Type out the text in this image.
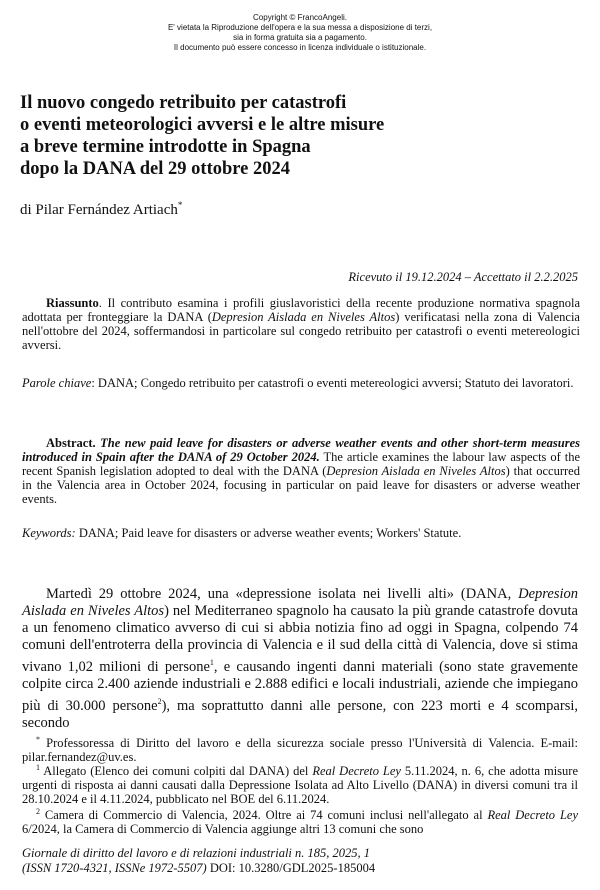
Copyright © FrancoAngeli.
E' vietata la Riproduzione dell'opera e la sua messa a disposizione di terzi,
sia in forma gratuita sia a pagamento.
Il documento può essere concesso in licenza individuale o istituzionale.
Il nuovo congedo retribuito per catastrofi
o eventi meteorologici avversi e le altre misure
a breve termine introdotte in Spagna
dopo la DANA del 29 ottobre 2024
di Pilar Fernández Artiach*
Ricevuto il 19.12.2024 – Accettato il 2.2.2025

Riassunto. Il contributo esamina i profili giuslavoristici della recente produzione normativa spagnola adottata per fronteggiare la DANA (Depresion Aislada en Niveles Altos) verificatasi nella zona di Valencia nell'ottobre del 2024, soffermandosi in particolare sul congedo retribuito per catastrofi o eventi metereologici avversi.

Parole chiave: DANA; Congedo retribuito per catastrofi o eventi metereologici avversi; Statuto dei lavoratori.

Abstract. The new paid leave for disasters or adverse weather events and other short-term measures introduced in Spain after the DANA of 29 October 2024. The article examines the labour law aspects of the recent Spanish legislation adopted to deal with the DANA (Depresion Aislada en Niveles Altos) that occurred in the Valencia area in October 2024, focusing in particular on paid leave for disasters or adverse weather events.

Keywords: DANA; Paid leave for disasters or adverse weather events; Workers' Statute.

Martedì 29 ottobre 2024, una «depressione isolata nei livelli alti» (DANA, Depresion Aislada en Niveles Altos) nel Mediterraneo spagnolo ha causato la più grande catastrofe dovuta a un fenomeno climatico avverso di cui si abbia notizia fino ad oggi in Spagna, colpendo 74 comuni dell'entroterra della provincia di Valencia e il sud della città di Valencia, dove si stima vivano 1,02 milioni di persone$^1$, e causando ingenti danni materiali (sono state gravemente colpite circa 2.400 aziende industriali e 2.888 edifici e locali industriali, aziende che impiegano più di 30.000 persone$^2$), ma soprattutto danni alle persone, con 223 morti e 4 scomparsi, secondo

* Professoressa di Diritto del lavoro e della sicurezza sociale presso l'Università di Valencia. E-mail: pilar.fernandez@uv.es.

$^1$ Allegato (Elenco dei comuni colpiti dal DANA) del Real Decreto Ley 5.11.2024, n. 6, che adotta misure urgenti di risposta ai danni causati dalla Depressione Isolata ad Alto Livello (DANA) in diversi comuni tra il 28.10.2024 e il 4.11.2024, pubblicato nel BOE del 6.11.2024.

$^2$ Camera di Commercio di Valencia, 2024. Oltre ai 74 comuni inclusi nell'allegato al Real Decreto Ley 6/2024, la Camera di Commercio di Valencia aggiunge altri 13 comuni che sono

Giornale di diritto del lavoro e di relazioni industriali n. 185, 2025, 1
(ISSN 1720-4321, ISSNe 1972-5507) DOI: 10.3280/GDL2025-185004
